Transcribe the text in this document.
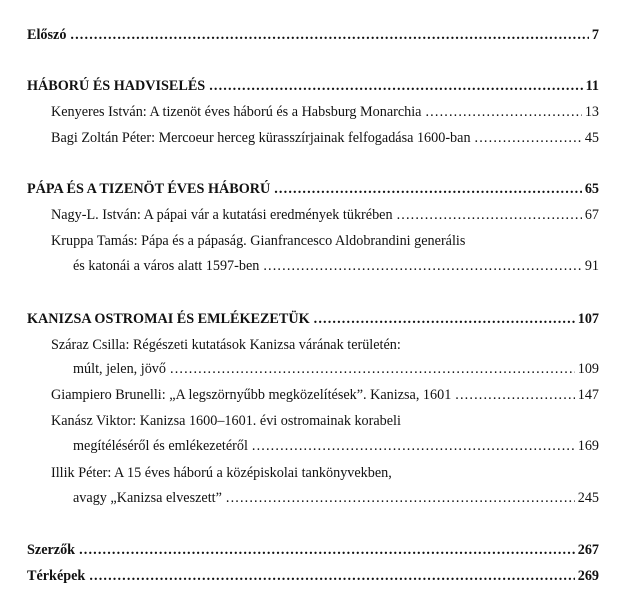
Előszó . . .	7
HÁBORÚ ÉS HADVISELÉS . . .	11
Kenyeres István: A tizenöt éves háború és a Habsburg Monarchia . . .	13
Bagi Zoltán Péter: Mercoeur herceg kürasszírjainak felfogadása 1600-ban . . .	45
PÁPA ÉS A TIZENÖT ÉVES HÁBORÚ . . .	65
Nagy-L. István: A pápai vár a kutatási eredmények tükrében . . .	67
Kruppa Tamás: Pápa és a pápaság. Gianfrancesco Aldobrandini generális
és katonái a város alatt 1597-ben . . .	91
KANIZSA OSTROMAI ÉS EMLÉKEZETÜK . . .	107
Száraz Csilla: Régészeti kutatások Kanizsa várának területén:
múlt, jelen, jövő . . .	109
Giampiero Brunelli: „A legszörnyűbb megközelítések”. Kanizsa, 1601 . . .	147
Kanász Viktor: Kanizsa 1600–1601. évi ostromainak korabeli
megítéléséről és emlékezetéről . . .	169
Illik Péter: A 15 éves háború a középiskolai tankönyvekben,
avagy „Kanizsa elveszett” . . .	245
Szerzők . . .	267
Térképek . . .	269
